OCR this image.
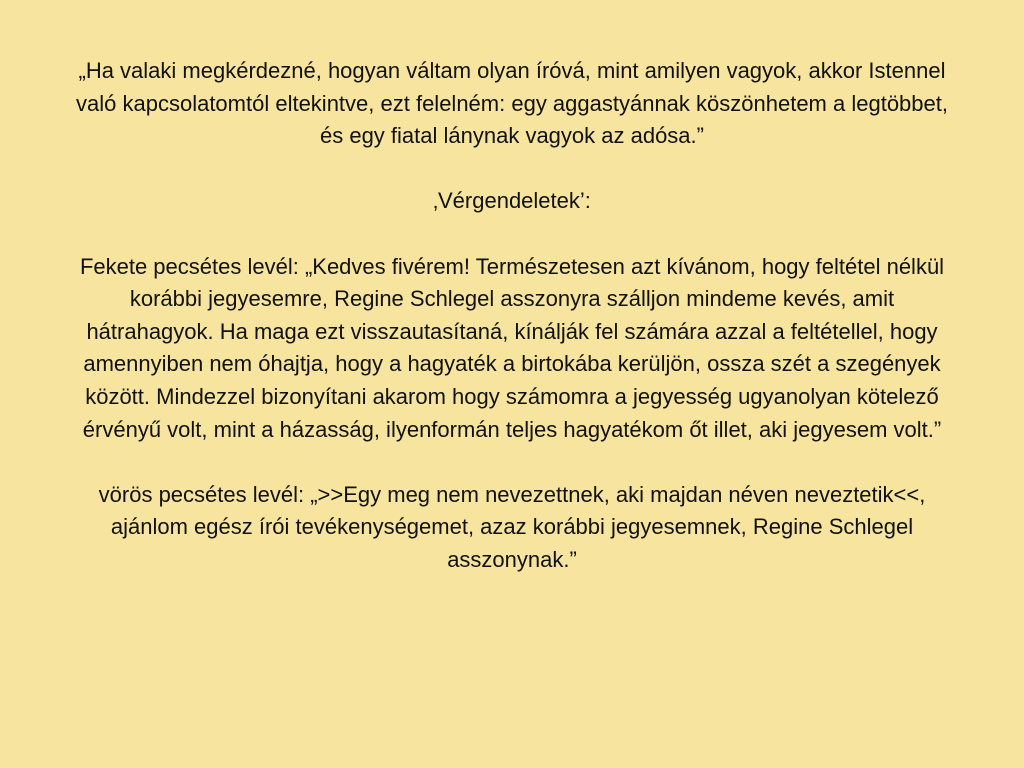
„Ha valaki megkérdezné, hogyan váltam olyan íróvá, mint amilyen vagyok, akkor Istennel való kapcsolatomtól eltekintve, ezt felelném: egy aggastyánnak köszönhetem a legtöbbet, és egy fiatal lánynak vagyok az adósa.”

‚Vérgendeletek’:

Fekete pecsétes levél: „Kedves fivérem! Természetesen azt kívánom, hogy feltétel nélkül korábbi jegyesemre, Regine Schlegel asszonyra szálljon mindeme kevés, amit hátrahagyok. Ha maga ezt visszautasítaná, kínálják fel számára azzal a feltétellel, hogy amennyiben nem óhajtja, hogy a hagyaték a birtokába kerüljön, ossza szét a szegények között. Mindezzel bizonyítani akarom hogy számomra a jegyesség ugyanolyan kötelező érvényű volt, mint a házasság, ilyenformán teljes hagyatékom őt illet, aki jegyesem volt.”

vörös pecsétes levél: „>>Egy meg nem nevezettnek, aki majdan néven neveztetik<<, ajánlom egész írói tevékenységemet, azaz korábbi jegyesemnek, Regine Schlegel asszonynak.”
